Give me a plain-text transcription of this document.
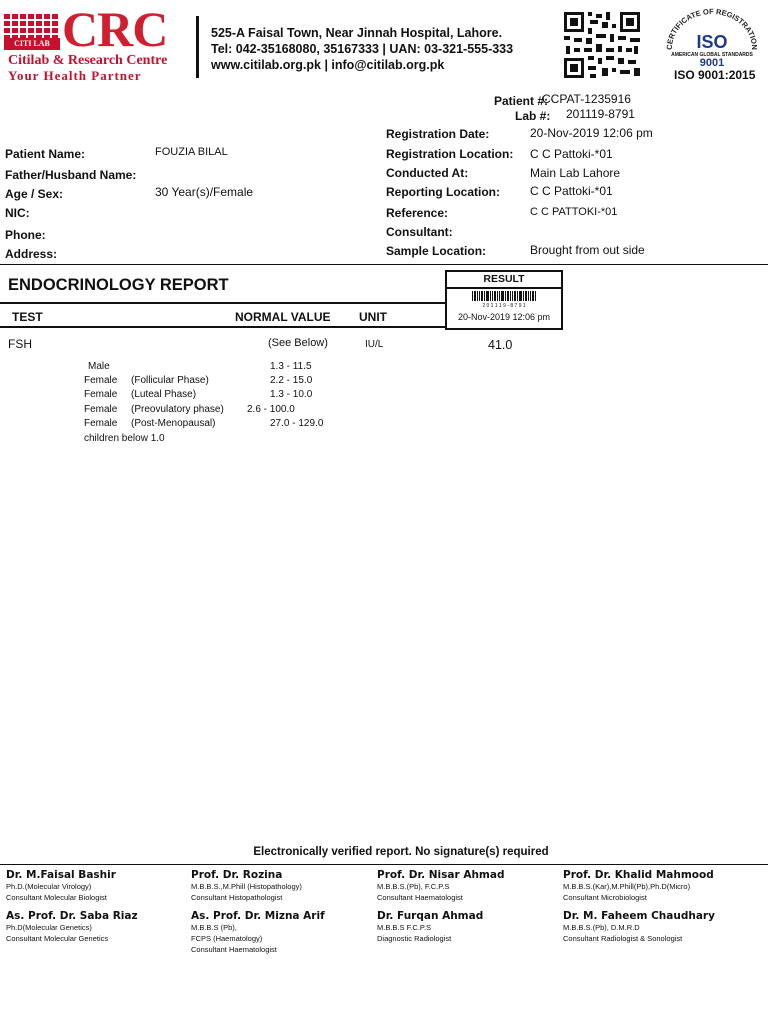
CITI LAB CRC
Citilab & Research Centre
Your Health Partner
525-A Faisal Town, Near Jinnah Hospital, Lahore.
Tel: 042-35168080, 35167333 | UAN: 03-321-555-333
www.citilab.org.pk | info@citilab.org.pk
CERTIFICATE OF REGISTRATION
ISO
AMERICAN GLOBAL STANDARDS
9001
ISO 9001:2015
Patient #:
CCPAT-1235916
Lab #: 201119-8791
Patient Name:	FOUZIA BILAL
Father/Husband Name:
Age / Sex:	30 Year(s)/Female
NIC:
Phone:
Address:
Registration Date:	20-Nov-2019 12:06 pm
Registration Location: C C Pattoki-*01
Conducted At:	Main Lab Lahore
Reporting Location:	C C Pattoki-*01
Reference:	C C PATTOKI-*01
Consultant:
Sample Location:	Brought from out side
ENDOCRINOLOGY REPORT
TEST	NORMAL VALUE UNIT
RESULT
2 0 1 1 1 9 - 8 7 9 1
20-Nov-2019 12:06 pm
FSH	(See Below)	IU/L	41.0
Male	1.3 - 11.5
Female (Follicular Phase)	2.2 - 15.0
Female (Luteal Phase)	1.3 - 10.0
Female (Preovulatory phase) 2.6 - 100.0
Female (Post-Menopausal)	27.0 - 129.0
children below 1.0
Electronically verified report. No signature(s) required
Dr. M.Faisal Bashir
Ph.D.(Molecular Virology)
Consultant Molecular Biologist
Prof. Dr. Rozina
M.B.B.S.,M.Phill (Histopathology)
Consultant Histopathologist
Prof. Dr. Nisar Ahmad
M.B.B.S.(Pb), F.C.P.S
Consultant Haematologist
Prof. Dr. Khalid Mahmood
M.B.B.S.(Kar),M.Phill(Pb),Ph.D(Micro)
Consultant Microbiologist
As. Prof. Dr. Saba Riaz
Ph.D(Molecular Genetics)
Consultant Molecular Genetics
As. Prof. Dr. Mizna Arif
M.B.B.S (Pb),
FCPS (Haematology)
Consultant Haematologist
Dr. Furqan Ahmad
M.B.B.S F.C.P.S
Diagnostic Radiologist
Dr. M. Faheem Chaudhary
M.B.B.S.(Pb), D.M.R.D
Consultant Radiologist & Sonologist
